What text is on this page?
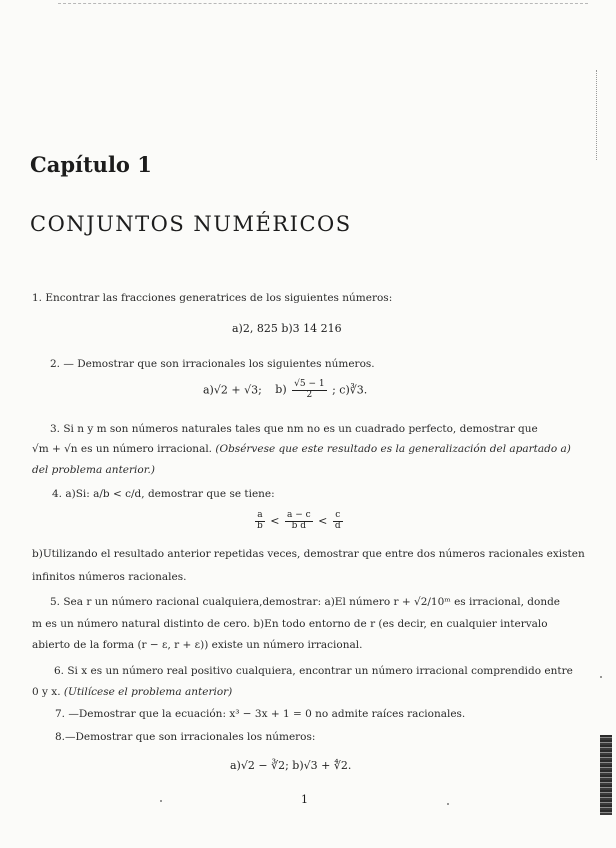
Capítulo 1
CONJUNTOS NUMÉRICOS
1. Encontrar las fracciones generatrices de los siguientes números:
a)2, 825 b)3 14 216
2. — Demostrar que son irracionales los siguientes números.
a)√2 + √3; $b) \frac{√5 - 1}{2}$ ; c)∛3.
3. Si n y m son números naturales tales que nm no es un cuadrado perfecto, demostrar que
√m + √n es un número irracional. (Obsérvese que este resultado es la generalización del apartado a)
del problema anterior.)
4. a)Si: a/b < c/d, demostrar que se tiene:
$\frac{a}{b} < \frac{a - c}{\text{b d}} < \frac{c}{d}$
b)Utilizando el resultado anterior repetidas veces, demostrar que entre dos números racionales existen
infinitos números racionales.
5. Sea r un número racional cualquiera,demostrar: a)El número r + √2/10ᵐ es irracional, donde
m es un número natural distinto de cero. b)En todo entorno de r (es decir, en cualquier intervalo
abierto de la forma (r − ε, r + ε)) existe un número irracional.
6. Si x es un número real positivo cualquiera, encontrar un número irracional comprendido entre
0 y x. (Utilícese el problema anterior)
7. —Demostrar que la ecuación: x³ − 3x + 1 = 0 no admite raíces racionales.
8.—Demostrar que son irracionales los números:
a)√2 − ∛2; b)√3 + ∜2.
1
